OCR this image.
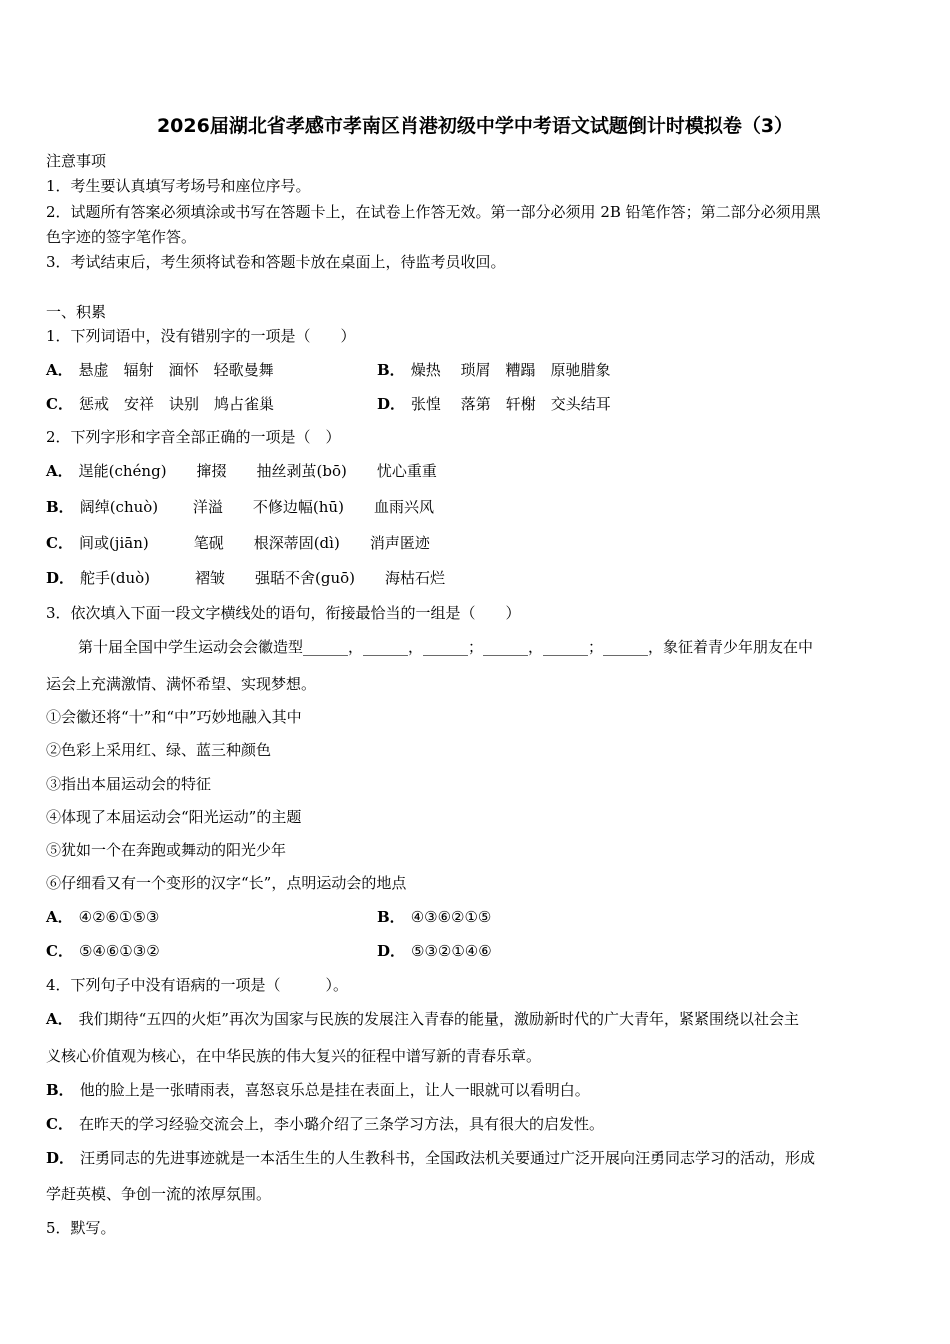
2026届湖北省孝感市孝南区肖港初级中学中考语文试题倒计时模拟卷（3）
注意事项
1．考生要认真填写考场号和座位序号。
2．试题所有答案必须填涂或书写在答题卡上，在试卷上作答无效。第一部分必须用 2B 铅笔作答；第二部分必须用黑
色字迹的签字笔作答。
3．考试结束后，考生须将试卷和答题卡放在桌面上，待监考员收回。
一、积累
1．下列词语中，没有错别字的一项是（　　）
A． 悬虚　辐射　湎怀　轻歌曼舞	B． 燥热　 琐屑　糟蹋　原驰腊象
C． 惩戒　安祥　诀别　鸠占雀巢	D． 张惶　 落第　轩榭　交头结耳
2．下列字形和字音全部正确的一项是（　）
A． 逞能(chéng)　　撺掇　　抽丝剥茧(bō)　　忧心重重
B． 阔绰(chuò)　　 洋溢　　不修边幅(hū)　　血雨兴风
C． 间或(jiān)　　　笔砚　　根深蒂固(dì)　　消声匿迹
D． 舵手(duò)　　　褶皱　　强聒不舍(guō)　　海枯石烂
3．依次填入下面一段文字横线处的语句，衔接最恰当的一组是（　　）
第十届全国中学生运动会会徽造型______，______，______；______，______；______，象征着青少年朋友在中
运会上充满激情、满怀希望、实现梦想。
①会徽还将“十”和“中”巧妙地融入其中
②色彩上采用红、绿、蓝三种颜色
③指出本届运动会的特征
④体现了本届运动会“阳光运动”的主题
⑤犹如一个在奔跑或舞动的阳光少年
⑥仔细看又有一个变形的汉字“长”，点明运动会的地点
A． ④②⑥①⑤③	B． ④③⑥②①⑤
C． ⑤④⑥①③②	D． ⑤③②①④⑥
4．下列句子中没有语病的一项是（　　　）。
A． 我们期待“五四的火炬”再次为国家与民族的发展注入青春的能量，激励新时代的广大青年，紧紧围绕以社会主
义核心价值观为核心，在中华民族的伟大复兴的征程中谱写新的青春乐章。
B． 他的脸上是一张晴雨表，喜怒哀乐总是挂在表面上，让人一眼就可以看明白。
C． 在昨天的学习经验交流会上，李小璐介绍了三条学习方法，具有很大的启发性。
D． 汪勇同志的先进事迹就是一本活生生的人生教科书，全国政法机关要通过广泛开展向汪勇同志学习的活动，形成
学赶英模、争创一流的浓厚氛围。
5．默写。
